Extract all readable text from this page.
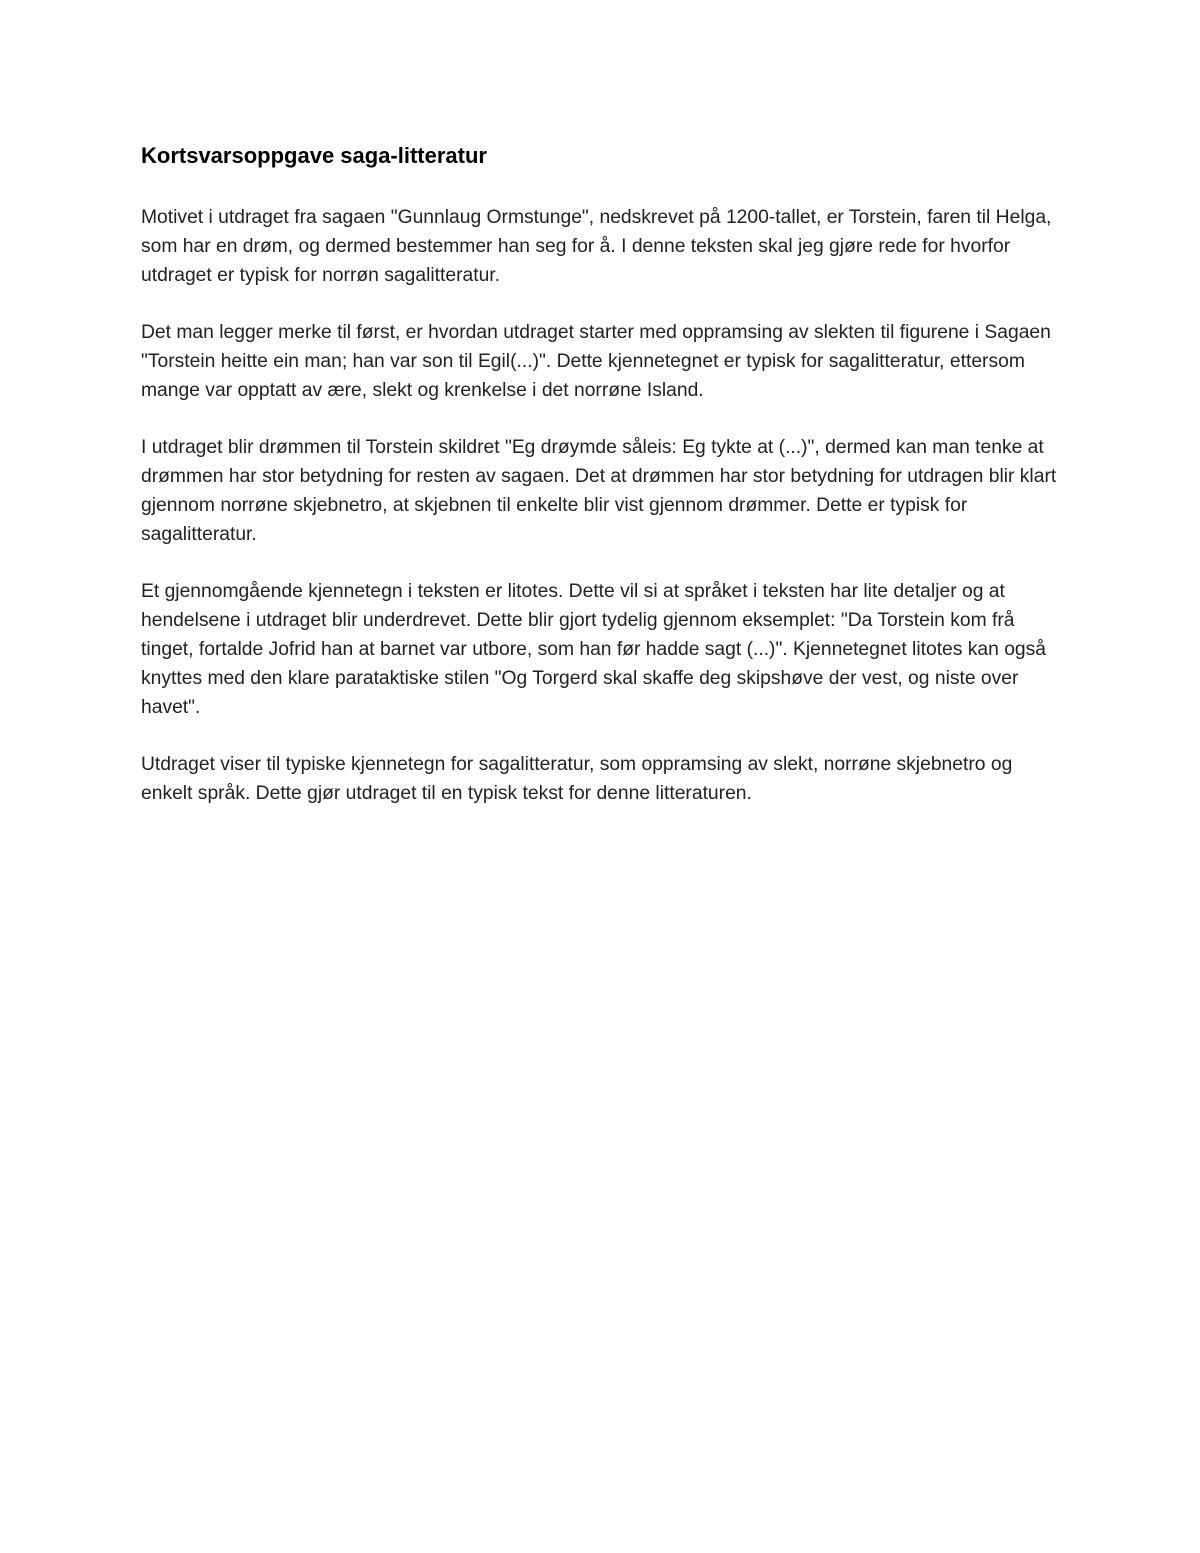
Kortsvarsoppgave saga-litteratur

Motivet i utdraget fra sagaen "Gunnlaug Ormstunge", nedskrevet på 1200-tallet, er Torstein, faren til Helga, som har en drøm, og dermed bestemmer han seg for å. I denne teksten skal jeg gjøre rede for hvorfor utdraget er typisk for norrøn sagalitteratur.

Det man legger merke til først, er hvordan utdraget starter med oppramsing av slekten til figurene i Sagaen "Torstein heitte ein man; han var son til Egil(...)". Dette kjennetegnet er typisk for sagalitteratur, ettersom mange var opptatt av ære, slekt og krenkelse i det norrøne Island.

I utdraget blir drømmen til Torstein skildret "Eg drøymde såleis: Eg tykte at (...)", dermed kan man tenke at drømmen har stor betydning for resten av sagaen. Det at drømmen har stor betydning for utdragen blir klart gjennom norrøne skjebnetro, at skjebnen til enkelte blir vist gjennom drømmer. Dette er typisk for sagalitteratur.

Et gjennomgående kjennetegn i teksten er litotes. Dette vil si at språket i teksten har lite detaljer og at hendelsene i utdraget blir underdrevet. Dette blir gjort tydelig gjennom eksemplet: "Da Torstein kom frå tinget, fortalde Jofrid han at barnet var utbore, som han før hadde sagt (...)". Kjennetegnet litotes kan også knyttes med den klare parataktiske stilen "Og Torgerd skal skaffe deg skipshøve der vest, og niste over havet".

Utdraget viser til typiske kjennetegn for sagalitteratur, som oppramsing av slekt, norrøne skjebnetro og enkelt språk. Dette gjør utdraget til en typisk tekst for denne litteraturen.
